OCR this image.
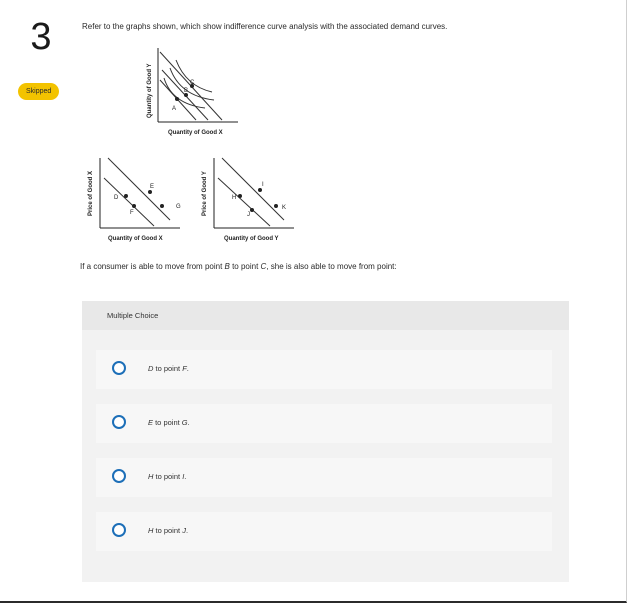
3
Skipped
Refer to the graphs shown, which show indifference curve analysis with the associated demand curves.
A
B
C
Quantity of Good Y
Quantity of Good X
D
E
F
G
Price of Good X
Quantity of Good X
H
I
J
K
Price of Good Y
Quantity of Good Y
If a consumer is able to move from point B to point C, she is also able to move from point:
Multiple Choice
D to point F.
E to point G.
H to point I.
H to point J.
